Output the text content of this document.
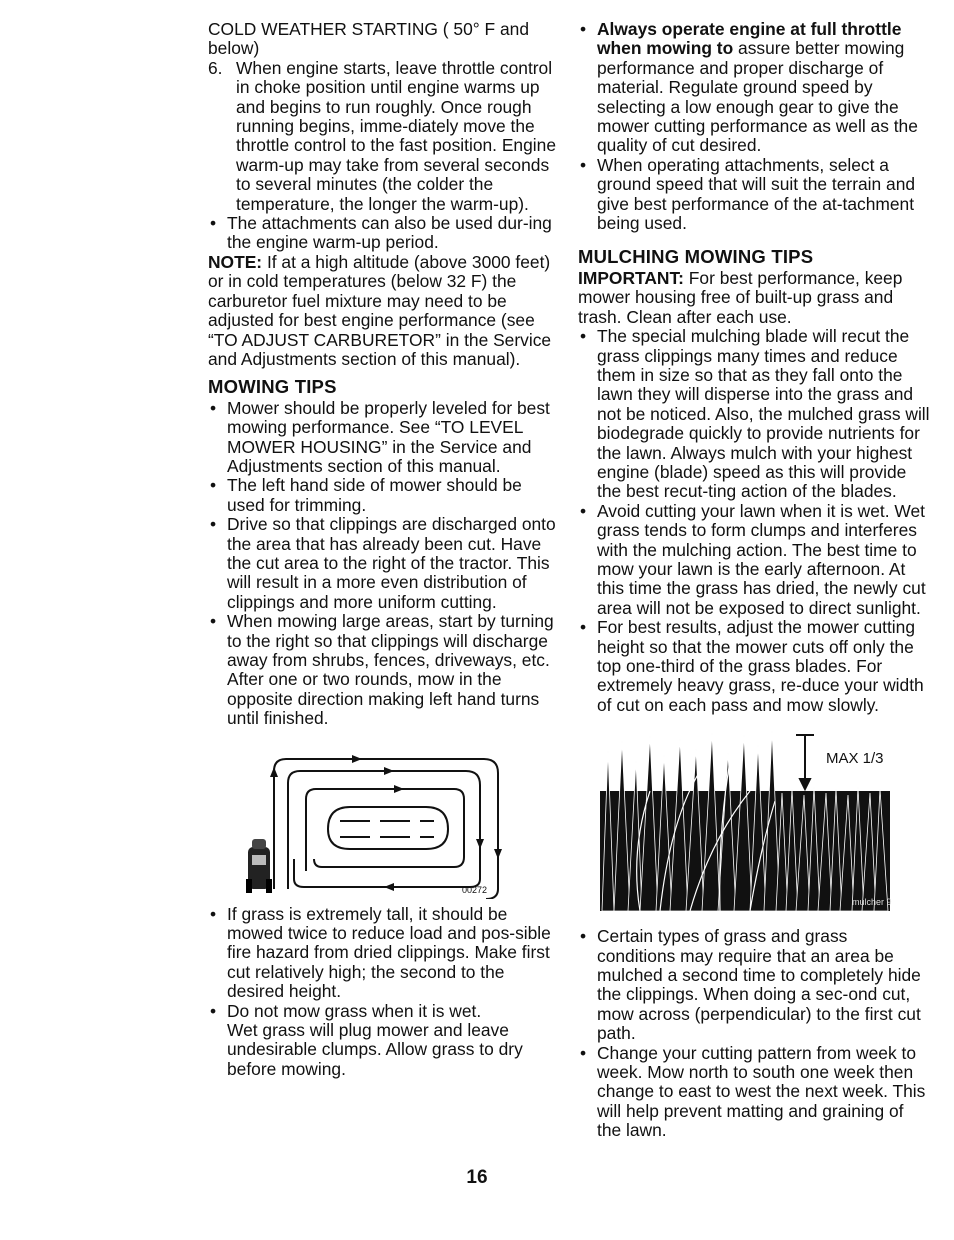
COLD WEATHER STARTING ( 50° F and below)

6. When engine starts, leave throttle control in choke position until engine warms up and begins to run roughly. Once rough running begins, imme-diately move the throttle control to the fast position. Engine warm-up may take from several seconds to several minutes (the colder the temperature, the longer the warm-up).
• The attachments can also be used dur-ing the engine warm-up period.

NOTE: If at a high altitude (above 3000 feet) or in cold temperatures (below 32 F) the carburetor fuel mixture may need to be adjusted for best engine performance (see “TO ADJUST CARBURETOR” in the Service and Adjustments section of this manual).

MOWING TIPS

• Mower should be properly leveled for best mowing performance. See “TO LEVEL MOWER HOUSING” in the Service and Adjustments section of this manual.
• The left hand side of mower should be used for trimming.
• Drive so that clippings are discharged onto the area that has already been cut. Have the cut area to the right of the tractor. This will result in a more even distribution of clippings and more uniform cutting.
• When mowing large areas, start by turning to the right so that clippings will discharge away from shrubs, fences, driveways, etc. After one or two rounds, mow in the opposite direction making left hand turns until finished.
00272
• If grass is extremely tall, it should be mowed twice to reduce load and pos-sible fire hazard from dried clippings. Make first cut relatively high; the second to the desired height.
• Do not mow grass when it is wet.
Wet grass will plug mower and leave undesirable clumps. Allow grass to dry before mowing.
• Always operate engine at full throttle when mowing to assure better mowing performance and proper discharge of material. Regulate ground speed by selecting a low enough gear to give the mower cutting performance as well as the quality of cut desired.
• When operating attachments, select a ground speed that will suit the terrain and give best performance of the at-tachment being used.

MULCHING MOWING TIPS

IMPORTANT: For best performance, keep mower housing free of built-up grass and trash. Clean after each use.

• The special mulching blade will recut the grass clippings many times and reduce them in size so that as they fall onto the lawn they will disperse into the grass and not be noticed. Also, the mulched grass will biodegrade quickly to provide nutrients for the lawn. Always mulch with your highest engine (blade) speed as this will provide the best recut-ting action of the blades.
• Avoid cutting your lawn when it is wet. Wet grass tends to form clumps and interferes with the mulching action. The best time to mow your lawn is the early afternoon. At this time the grass has dried, the newly cut area will not be exposed to direct sunlight.
• For best results, adjust the mower cutting height so that the mower cuts off only the top one-third of the grass blades. For extremely heavy grass, re-duce your width of cut on each pass and mow slowly.
MAX 1/3
mulcher 9
• Certain types of grass and grass conditions may require that an area be mulched a second time to completely hide the clippings. When doing a sec-ond cut, mow across (perpendicular) to the first cut path.
• Change your cutting pattern from week to week. Mow north to south one week then change to east to west the next week. This will help prevent matting and graining of the lawn.
16
